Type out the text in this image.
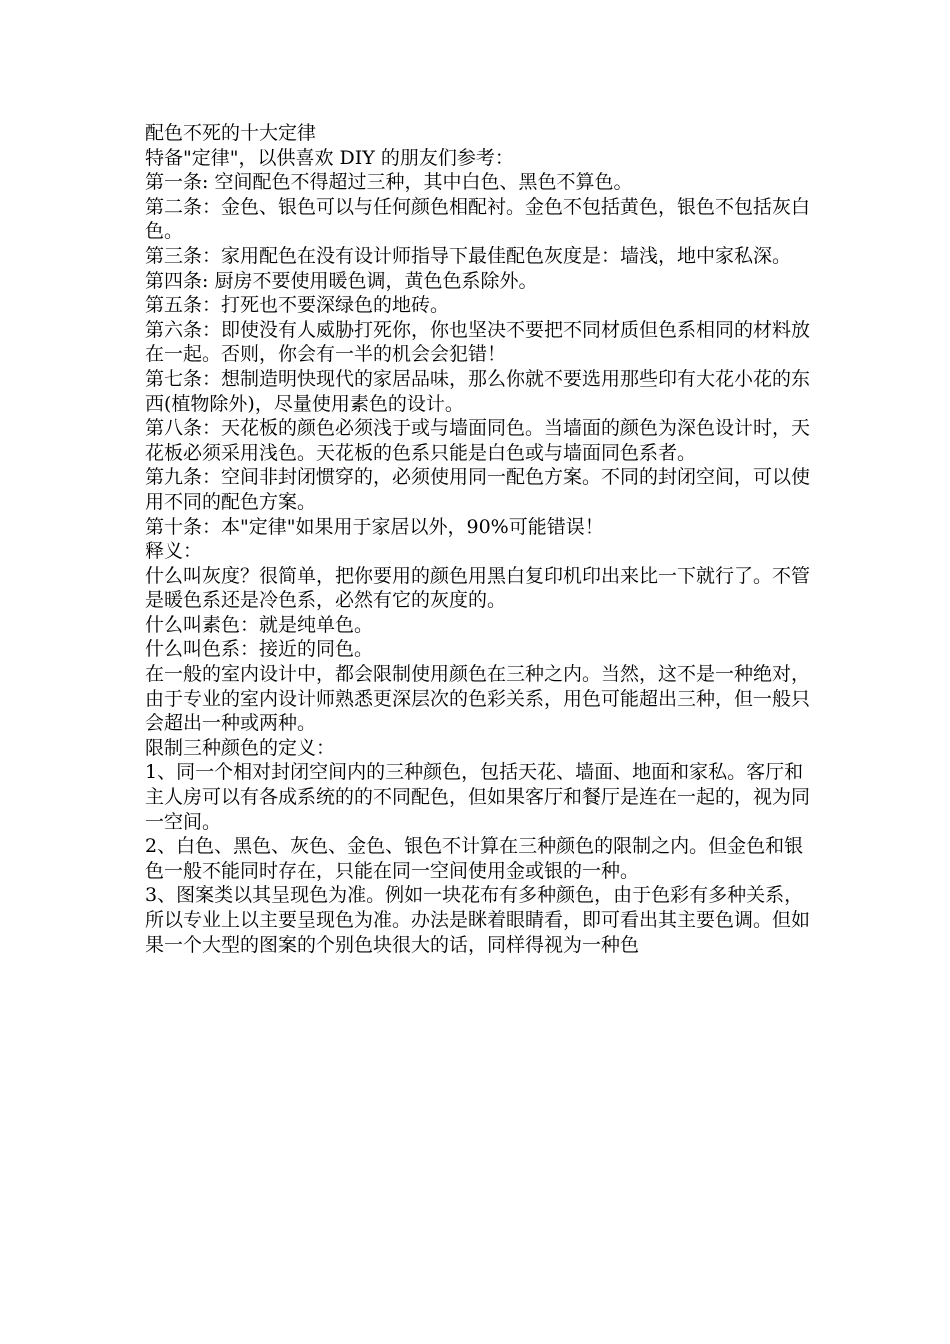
配色不死的十大定律

特备"定律"，以供喜欢 DIY 的朋友们参考：

第一条: 空间配色不得超过三种，其中白色、黑色不算色。

第二条：金色、银色可以与任何颜色相配衬。金色不包括黄色，银色不包括灰白色。

第三条：家用配色在没有设计师指导下最佳配色灰度是：墙浅，地中家私深。

第四条: 厨房不要使用暖色调，黄色色系除外。

第五条：打死也不要深绿色的地砖。

第六条：即使没有人威胁打死你，你也坚决不要把不同材质但色系相同的材料放在一起。否则，你会有一半的机会会犯错！

第七条：想制造明快现代的家居品味，那么你就不要选用那些印有大花小花的东西(植物除外)，尽量使用素色的设计。

第八条：天花板的颜色必须浅于或与墙面同色。当墙面的颜色为深色设计时，天花板必须采用浅色。天花板的色系只能是白色或与墙面同色系者。

第九条：空间非封闭惯穿的，必须使用同一配色方案。不同的封闭空间，可以使用不同的配色方案。

第十条：本"定律"如果用于家居以外，90%可能错误！

释义：

什么叫灰度？很简单，把你要用的颜色用黑白复印机印出来比一下就行了。不管是暖色系还是冷色系，必然有它的灰度的。

什么叫素色：就是纯单色。

什么叫色系：接近的同色。

在一般的室内设计中，都会限制使用颜色在三种之内。当然，这不是一种绝对，由于专业的室内设计师熟悉更深层次的色彩关系，用色可能超出三种，但一般只会超出一种或两种。

限制三种颜色的定义：

1、同一个相对封闭空间内的三种颜色，包括天花、墙面、地面和家私。客厅和主人房可以有各成系统的的不同配色，但如果客厅和餐厅是连在一起的，视为同一空间。

2、白色、黑色、灰色、金色、银色不计算在三种颜色的限制之内。但金色和银色一般不能同时存在，只能在同一空间使用金或银的一种。

3、图案类以其呈现色为准。例如一块花布有多种颜色，由于色彩有多种关系，所以专业上以主要呈现色为准。办法是眯着眼睛看，即可看出其主要色调。但如果一个大型的图案的个别色块很大的话，同样得视为一种色
